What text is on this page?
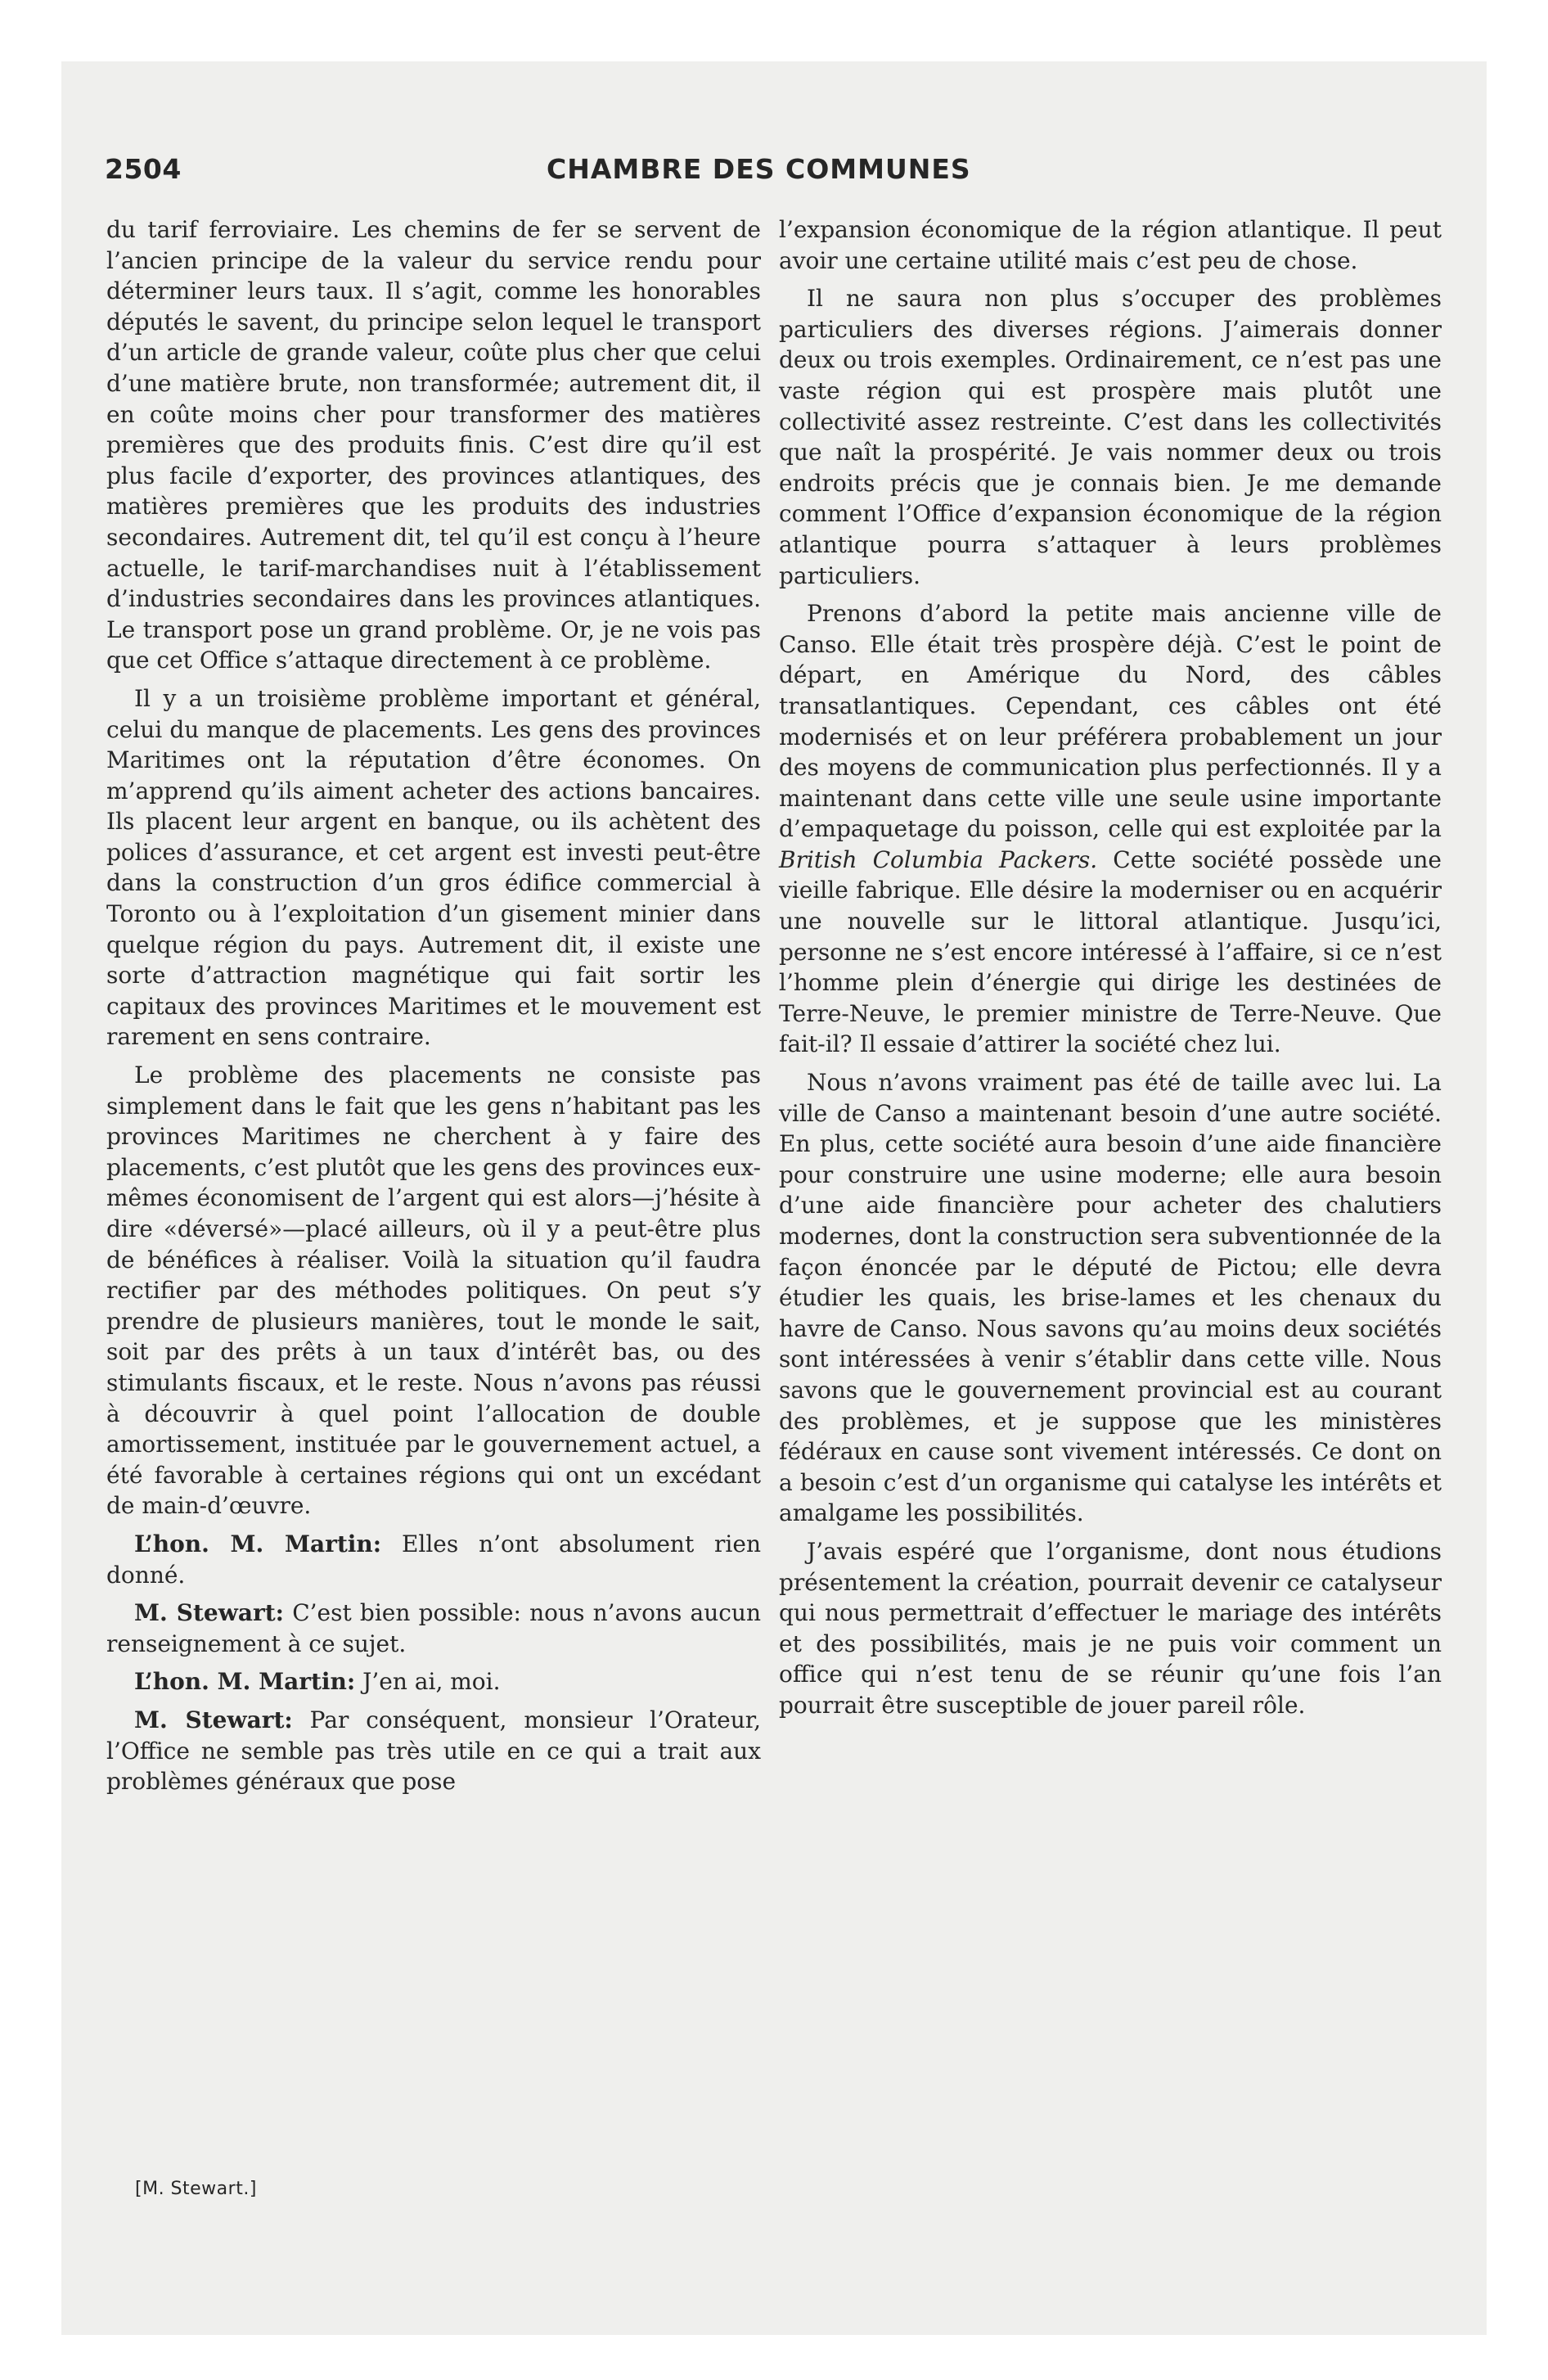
2504	CHAMBRE DES COMMUNES

du tarif ferroviaire. Les chemins de fer se servent de l’ancien principe de la valeur du service rendu pour déterminer leurs taux. Il s’agit, comme les honorables députés le savent, du principe selon lequel le transport d’un article de grande valeur, coûte plus cher que celui d’une matière brute, non transformée; autrement dit, il en coûte moins cher pour transformer des matières premières que des produits finis. C’est dire qu’il est plus facile d’exporter, des provinces atlantiques, des matières premières que les produits des industries secondaires. Autrement dit, tel qu’il est conçu à l’heure actuelle, le tarif-marchandises nuit à l’établissement d’industries secondaires dans les provinces atlantiques. Le transport pose un grand problème. Or, je ne vois pas que cet Office s’attaque directement à ce problème.

Il y a un troisième problème important et général, celui du manque de placements. Les gens des provinces Maritimes ont la réputation d’être économes. On m’apprend qu’ils aiment acheter des actions bancaires. Ils placent leur argent en banque, ou ils achètent des polices d’assurance, et cet argent est investi peut-être dans la construction d’un gros édifice commercial à Toronto ou à l’exploitation d’un gisement minier dans quelque région du pays. Autrement dit, il existe une sorte d’attraction magnétique qui fait sortir les capitaux des provinces Maritimes et le mouvement est rarement en sens contraire.

Le problème des placements ne consiste pas simplement dans le fait que les gens n’habitant pas les provinces Maritimes ne cherchent à y faire des placements, c’est plutôt que les gens des provinces eux-mêmes économisent de l’argent qui est alors—j’hésite à dire «déversé»—placé ailleurs, où il y a peut-être plus de bénéfices à réaliser. Voilà la situation qu’il faudra rectifier par des méthodes politiques. On peut s’y prendre de plusieurs manières, tout le monde le sait, soit par des prêts à un taux d’intérêt bas, ou des stimulants fiscaux, et le reste. Nous n’avons pas réussi à découvrir à quel point l’allocation de double amortissement, instituée par le gouvernement actuel, a été favorable à certaines régions qui ont un excédant de main-d’œuvre.

L’hon. M. Martin: Elles n’ont absolument rien donné.

M. Stewart: C’est bien possible: nous n’avons aucun renseignement à ce sujet.

L’hon. M. Martin: J’en ai, moi.

M. Stewart: Par conséquent, monsieur l’Orateur, l’Office ne semble pas très utile en ce qui a trait aux problèmes généraux que pose

l’expansion économique de la région atlantique. Il peut avoir une certaine utilité mais c’est peu de chose.

Il ne saura non plus s’occuper des problèmes particuliers des diverses régions. J’aimerais donner deux ou trois exemples. Ordinairement, ce n’est pas une vaste région qui est prospère mais plutôt une collectivité assez restreinte. C’est dans les collectivités que naît la prospérité. Je vais nommer deux ou trois endroits précis que je connais bien. Je me demande comment l’Office d’expansion économique de la région atlantique pourra s’attaquer à leurs problèmes particuliers.

Prenons d’abord la petite mais ancienne ville de Canso. Elle était très prospère déjà. C’est le point de départ, en Amérique du Nord, des câbles transatlantiques. Cependant, ces câbles ont été modernisés et on leur préférera probablement un jour des moyens de communication plus perfectionnés. Il y a maintenant dans cette ville une seule usine importante d’empaquetage du poisson, celle qui est exploitée par la British Columbia Packers. Cette société possède une vieille fabrique. Elle désire la moderniser ou en acquérir une nouvelle sur le littoral atlantique. Jusqu’ici, personne ne s’est encore intéressé à l’affaire, si ce n’est l’homme plein d’énergie qui dirige les destinées de Terre-Neuve, le premier ministre de Terre-Neuve. Que fait-il? Il essaie d’attirer la société chez lui.

Nous n’avons vraiment pas été de taille avec lui. La ville de Canso a maintenant besoin d’une autre société. En plus, cette société aura besoin d’une aide financière pour construire une usine moderne; elle aura besoin d’une aide financière pour acheter des chalutiers modernes, dont la construction sera subventionnée de la façon énoncée par le député de Pictou; elle devra étudier les quais, les brise-lames et les chenaux du havre de Canso. Nous savons qu’au moins deux sociétés sont intéressées à venir s’établir dans cette ville. Nous savons que le gouvernement provincial est au courant des problèmes, et je suppose que les ministères fédéraux en cause sont vivement intéressés. Ce dont on a besoin c’est d’un organisme qui catalyse les intérêts et amalgame les possibilités.

J’avais espéré que l’organisme, dont nous étudions présentement la création, pourrait devenir ce catalyseur qui nous permettrait d’effectuer le mariage des intérêts et des possibilités, mais je ne puis voir comment un office qui n’est tenu de se réunir qu’une fois l’an pourrait être susceptible de jouer pareil rôle.

[M. Stewart.]
